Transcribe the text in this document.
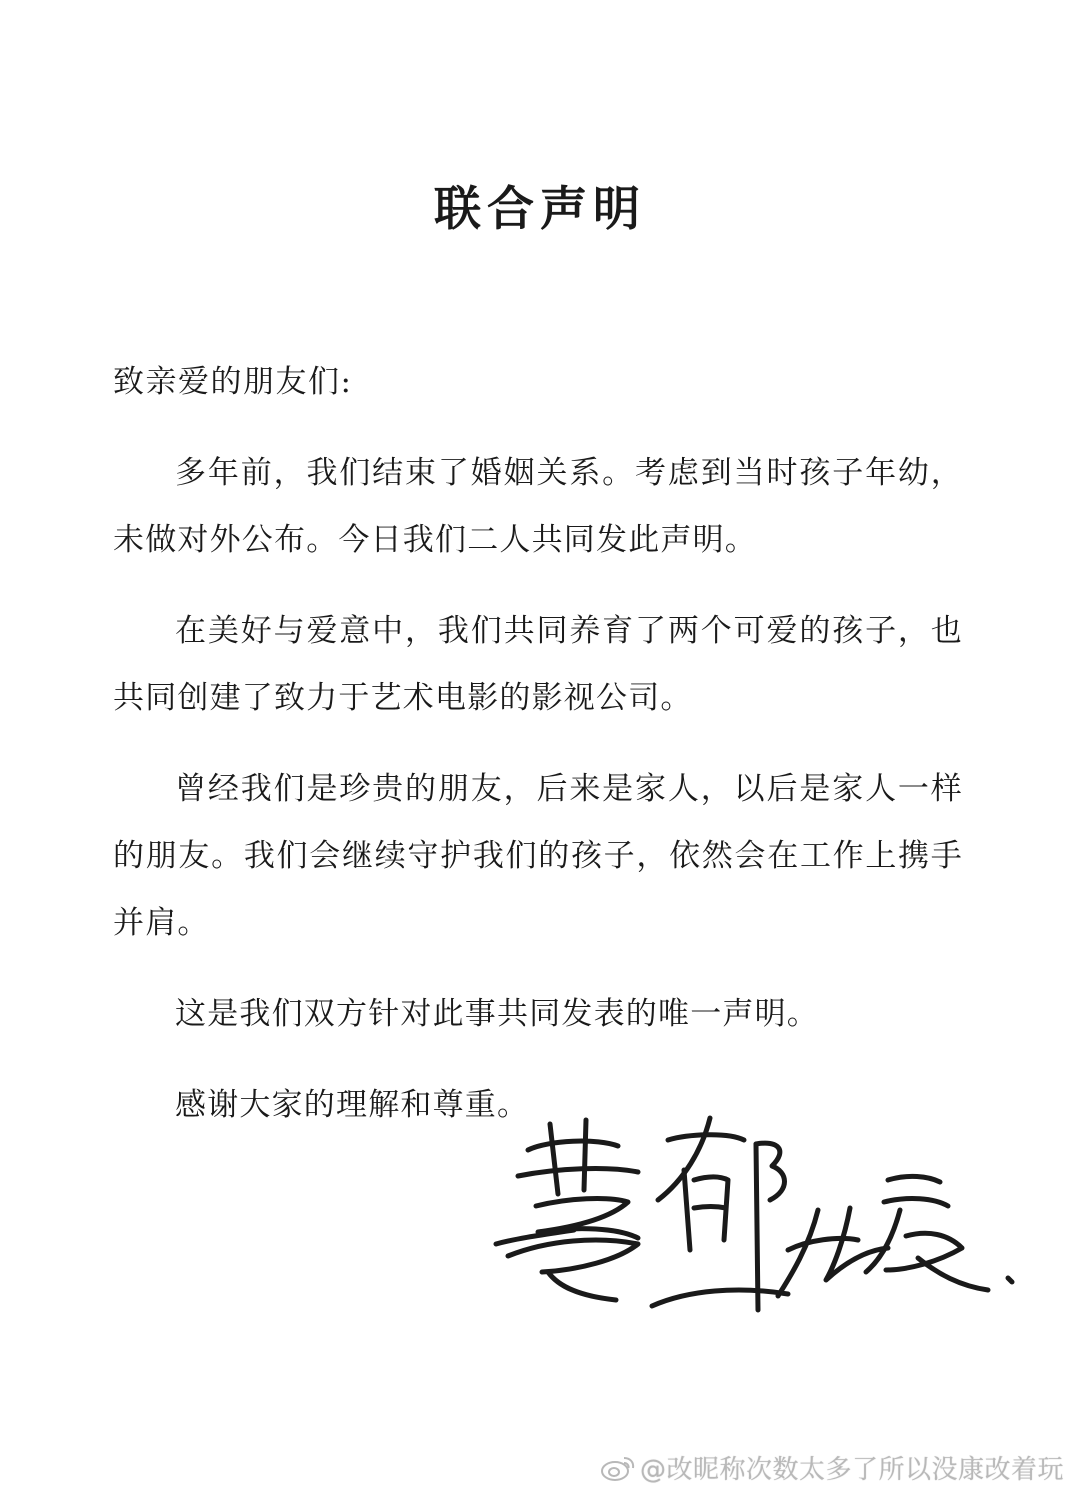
联合声明
致亲爱的朋友们:

多年前，我们结束了婚姻关系。考虑到当时孩子年幼，未做对外公布。今日我们二人共同发此声明。

在美好与爱意中，我们共同养育了两个可爱的孩子，也共同创建了致力于艺术电影的影视公司。

曾经我们是珍贵的朋友，后来是家人，以后是家人一样的朋友。我们会继续守护我们的孩子，依然会在工作上携手并肩。

这是我们双方针对此事共同发表的唯一声明。

感谢大家的理解和尊重。

@改昵称次数太多了所以没康改着玩
